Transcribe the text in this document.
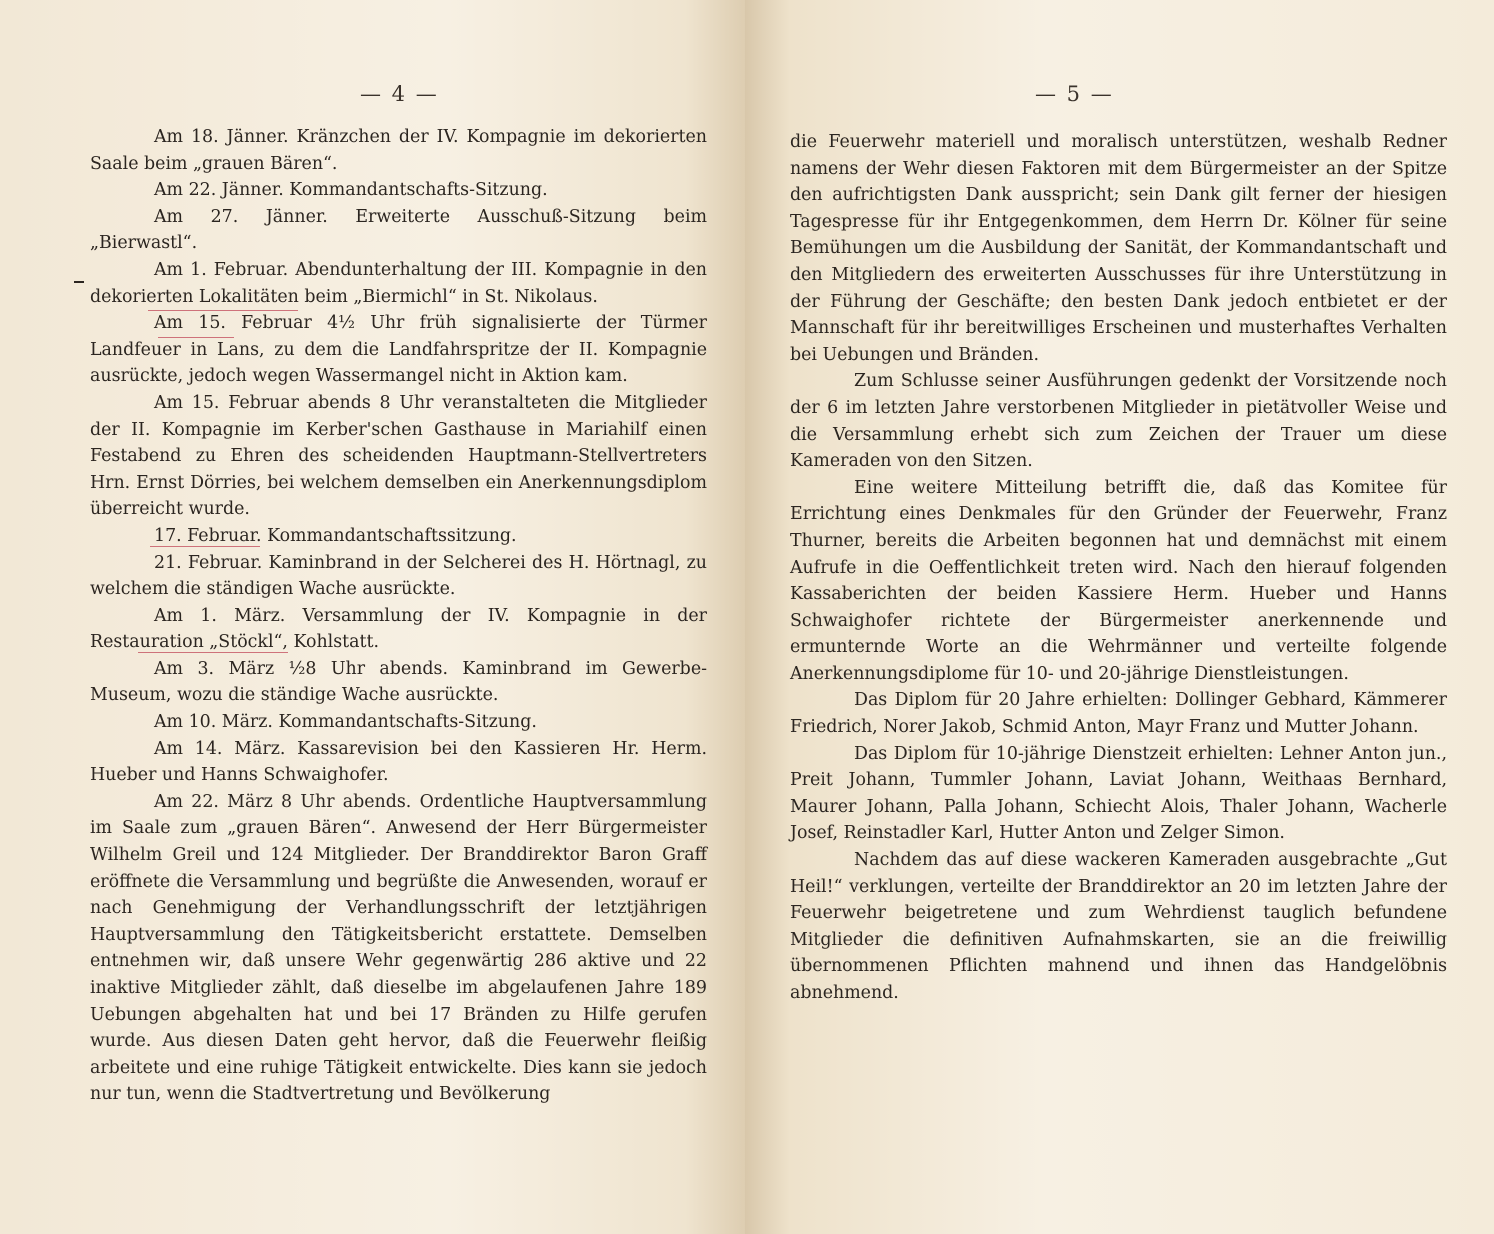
— 4 —

Am 18. Jänner. Kränzchen der IV. Kompagnie im dekorierten Saale beim „grauen Bären“.

Am 22. Jänner. Kommandantschafts-Sitzung.

Am 27. Jänner. Erweiterte Ausschuß-Sitzung beim „Bierwastl“.

Am 1. Februar. Abendunterhaltung der III. Kompagnie in den dekorierten Lokalitäten beim „Biermichl“ in St. Nikolaus.

Am 15. Februar 4½ Uhr früh signalisierte der Türmer Landfeuer in Lans, zu dem die Landfahrspritze der II. Kompagnie ausrückte, jedoch wegen Wassermangel nicht in Aktion kam.

Am 15. Februar abends 8 Uhr veranstalteten die Mitglieder der II. Kompagnie im Kerber'schen Gasthause in Mariahilf einen Festabend zu Ehren des scheidenden Hauptmann-Stellvertreters Hrn. Ernst Dörries, bei welchem demselben ein Anerkennungsdiplom überreicht wurde.

17. Februar. Kommandantschaftssitzung.

21. Februar. Kaminbrand in der Selcherei des H. Hörtnagl, zu welchem die ständigen Wache ausrückte.

Am 1. März. Versammlung der IV. Kompagnie in der Restauration „Stöckl“, Kohlstatt.

Am 3. März ½8 Uhr abends. Kaminbrand im Gewerbe-Museum, wozu die ständige Wache ausrückte.

Am 10. März. Kommandantschafts-Sitzung.

Am 14. März. Kassarevision bei den Kassieren Hr. Herm. Hueber und Hanns Schwaighofer.

Am 22. März 8 Uhr abends. Ordentliche Hauptversammlung im Saale zum „grauen Bären“. Anwesend der Herr Bürgermeister Wilhelm Greil und 124 Mitglieder. Der Branddirektor Baron Graff eröffnete die Versammlung und begrüßte die Anwesenden, worauf er nach Genehmigung der Verhandlungsschrift der letztjährigen Hauptversammlung den Tätigkeitsbericht erstattete. Demselben entnehmen wir, daß unsere Wehr gegenwärtig 286 aktive und 22 inaktive Mitglieder zählt, daß dieselbe im abgelaufenen Jahre 189 Uebungen abgehalten hat und bei 17 Bränden zu Hilfe gerufen wurde. Aus diesen Daten geht hervor, daß die Feuerwehr fleißig arbeitete und eine ruhige Tätigkeit entwickelte. Dies kann sie jedoch nur tun, wenn die Stadtvertretung und Bevölkerung

— 5 —

die Feuerwehr materiell und moralisch unterstützen, weshalb Redner namens der Wehr diesen Faktoren mit dem Bürgermeister an der Spitze den aufrichtigsten Dank ausspricht; sein Dank gilt ferner der hiesigen Tagespresse für ihr Entgegenkommen, dem Herrn Dr. Kölner für seine Bemühungen um die Ausbildung der Sanität, der Kommandantschaft und den Mitgliedern des erweiterten Ausschusses für ihre Unterstützung in der Führung der Geschäfte; den besten Dank jedoch entbietet er der Mannschaft für ihr bereitwilliges Erscheinen und musterhaftes Verhalten bei Uebungen und Bränden.

Zum Schlusse seiner Ausführungen gedenkt der Vorsitzende noch der 6 im letzten Jahre verstorbenen Mitglieder in pietätvoller Weise und die Versammlung erhebt sich zum Zeichen der Trauer um diese Kameraden von den Sitzen.

Eine weitere Mitteilung betrifft die, daß das Komitee für Errichtung eines Denkmales für den Gründer der Feuerwehr, Franz Thurner, bereits die Arbeiten begonnen hat und demnächst mit einem Aufrufe in die Oeffentlichkeit treten wird. Nach den hierauf folgenden Kassaberichten der beiden Kassiere Herm. Hueber und Hanns Schwaighofer richtete der Bürgermeister anerkennende und ermunternde Worte an die Wehrmänner und verteilte folgende Anerkennungsdiplome für 10- und 20-jährige Dienstleistungen.

Das Diplom für 20 Jahre erhielten: Dollinger Gebhard, Kämmerer Friedrich, Norer Jakob, Schmid Anton, Mayr Franz und Mutter Johann.

Das Diplom für 10-jährige Dienstzeit erhielten: Lehner Anton jun., Preit Johann, Tummler Johann, Laviat Johann, Weithaas Bernhard, Maurer Johann, Palla Johann, Schiecht Alois, Thaler Johann, Wacherle Josef, Reinstadler Karl, Hutter Anton und Zelger Simon.

Nachdem das auf diese wackeren Kameraden ausgebrachte „Gut Heil!“ verklungen, verteilte der Branddirektor an 20 im letzten Jahre der Feuerwehr beigetretene und zum Wehrdienst tauglich befundene Mitglieder die definitiven Aufnahmskarten, sie an die freiwillig übernommenen Pflichten mahnend und ihnen das Handgelöbnis abnehmend.
